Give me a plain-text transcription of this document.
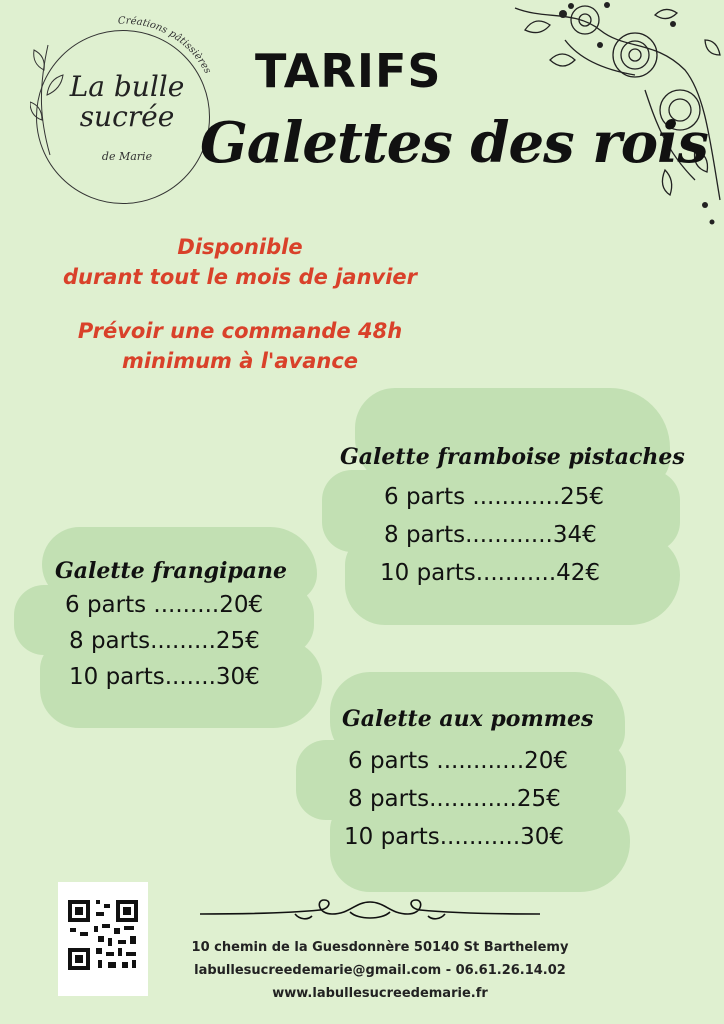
Créations pâtissières
La bulle
sucrée
de Marie
TARIFS
Galettes des rois
Disponible
durant tout le mois de janvier
Prévoir une commande 48h
minimum à l'avance
Galette framboise pistaches
6 parts ............25€
8 parts............34€
10 parts...........42€
Galette frangipane
6 parts .........20€
8 parts.........25€
10 parts.......30€
Galette aux pommes
6 parts ............20€
8 parts............25€
10 parts...........30€
10 chemin de la Guesdonnère 50140 St Barthelemy
labullesucreedemarie@gmail.com - 06.61.26.14.02
www.labullesucreedemarie.fr
